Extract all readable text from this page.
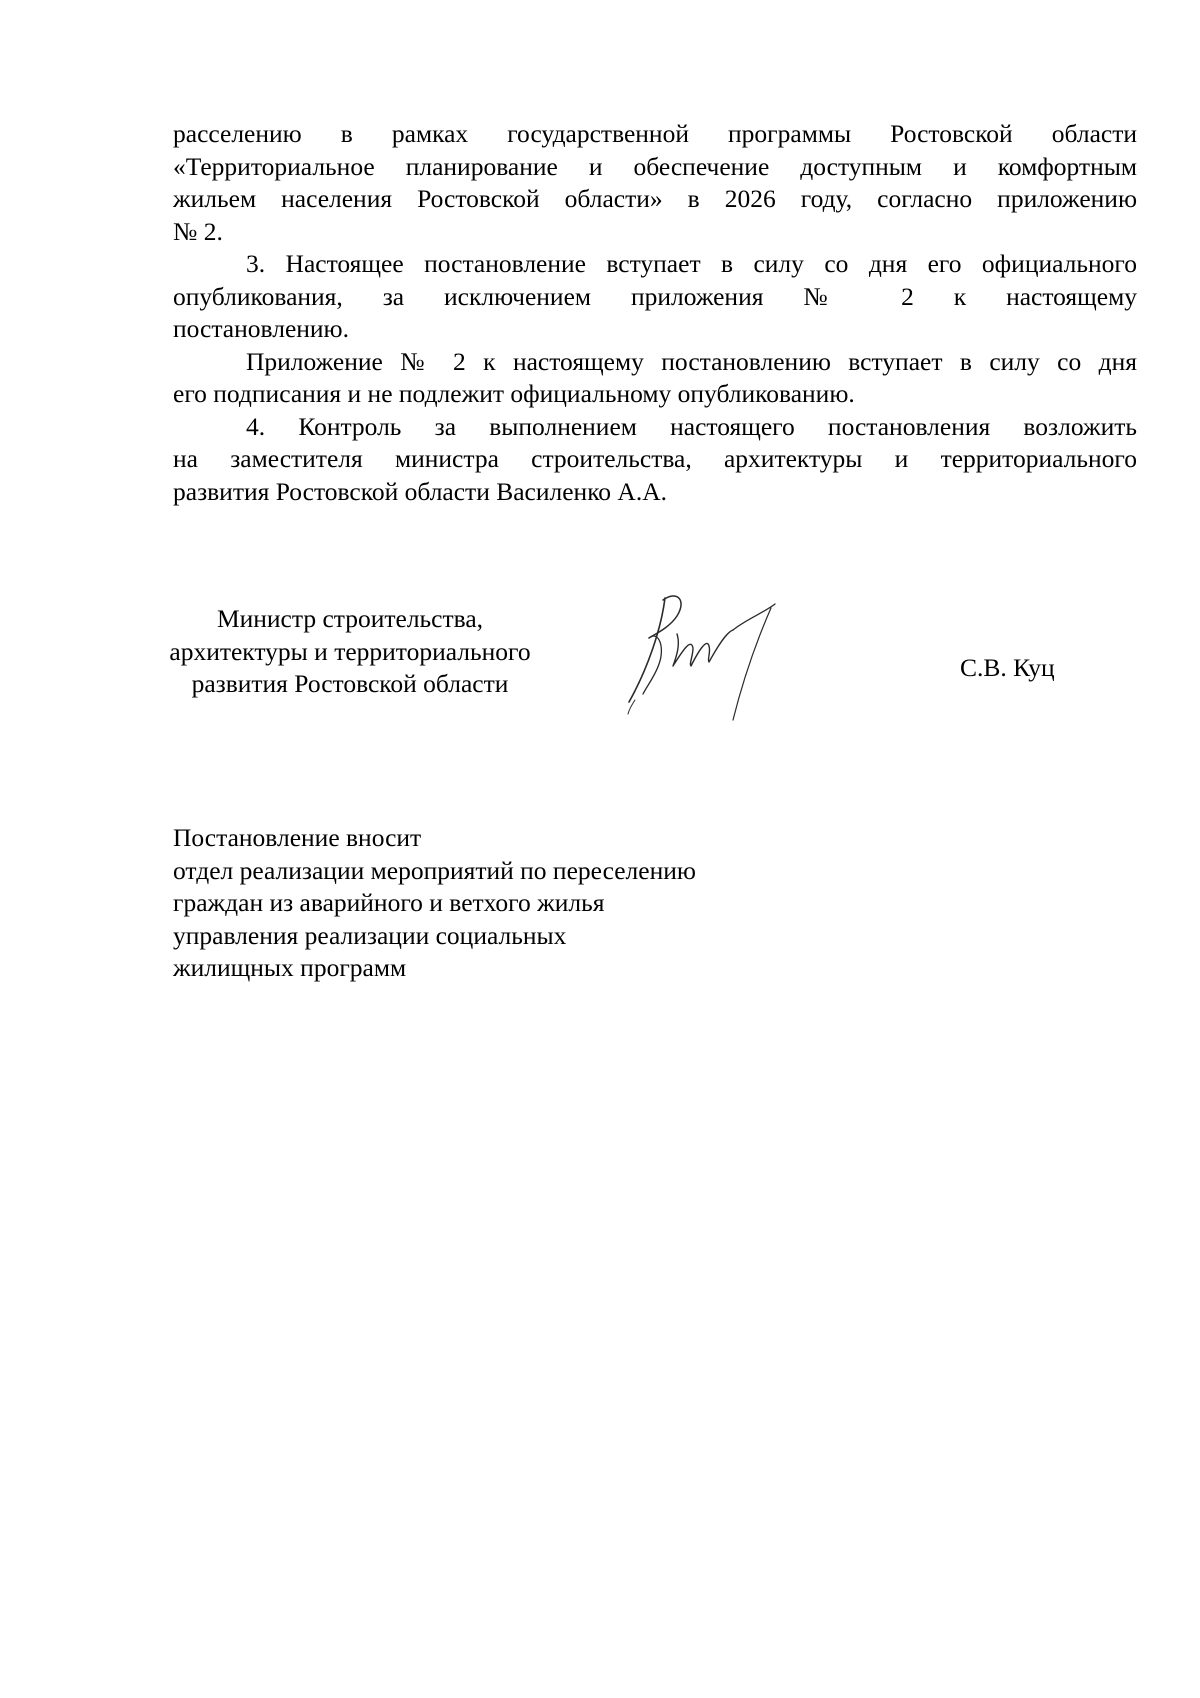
расселению в рамках государственной программы Ростовской области
«Территориальное планирование и обеспечение доступным и комфортным
жильем населения Ростовской области» в 2026 году, согласно приложению
№ 2.
3. Настоящее постановление вступает в силу со дня его официального
опубликования, за исключением приложения № 2 к настоящему
постановлению.
Приложение № 2 к настоящему постановлению вступает в силу со дня
его подписания и не подлежит официальному опубликованию.
4. Контроль за выполнением настоящего постановления возложить
на заместителя министра строительства, архитектуры и территориального
развития Ростовской области Василенко А.А.
Министр строительства,
архитектуры и территориального
развития Ростовской области
С.В. Куц
Постановление вносит
отдел реализации мероприятий по переселению
граждан из аварийного и ветхого жилья
управления реализации социальных
жилищных программ
